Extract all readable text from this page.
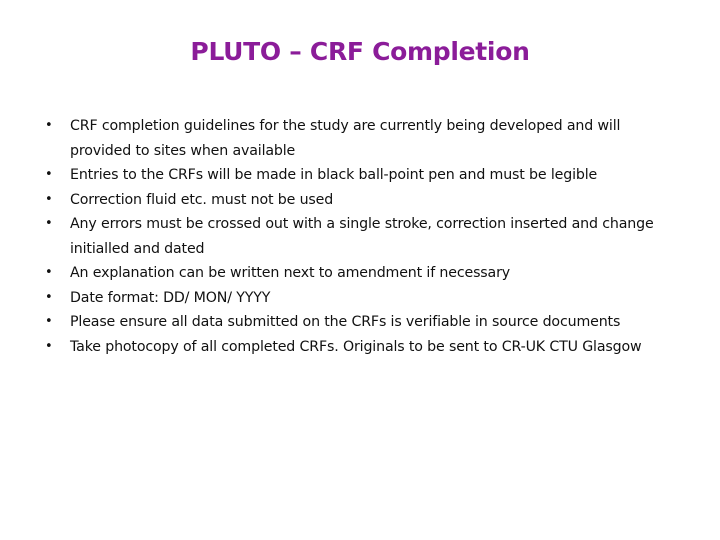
PLUTO – CRF Completion
• CRF completion guidelines for the study are currently being developed and will provided to sites when available
• Entries to the CRFs will be made in black ball-point pen and must be legible
• Correction fluid etc. must not be used
• Any errors must be crossed out with a single stroke, correction inserted and change initialled and dated
• An explanation can be written next to amendment if necessary
• Date format: DD/ MON/ YYYY
• Please ensure all data submitted on the CRFs is verifiable in source documents
• Take photocopy of all completed CRFs. Originals to be sent to CR-UK CTU Glasgow
